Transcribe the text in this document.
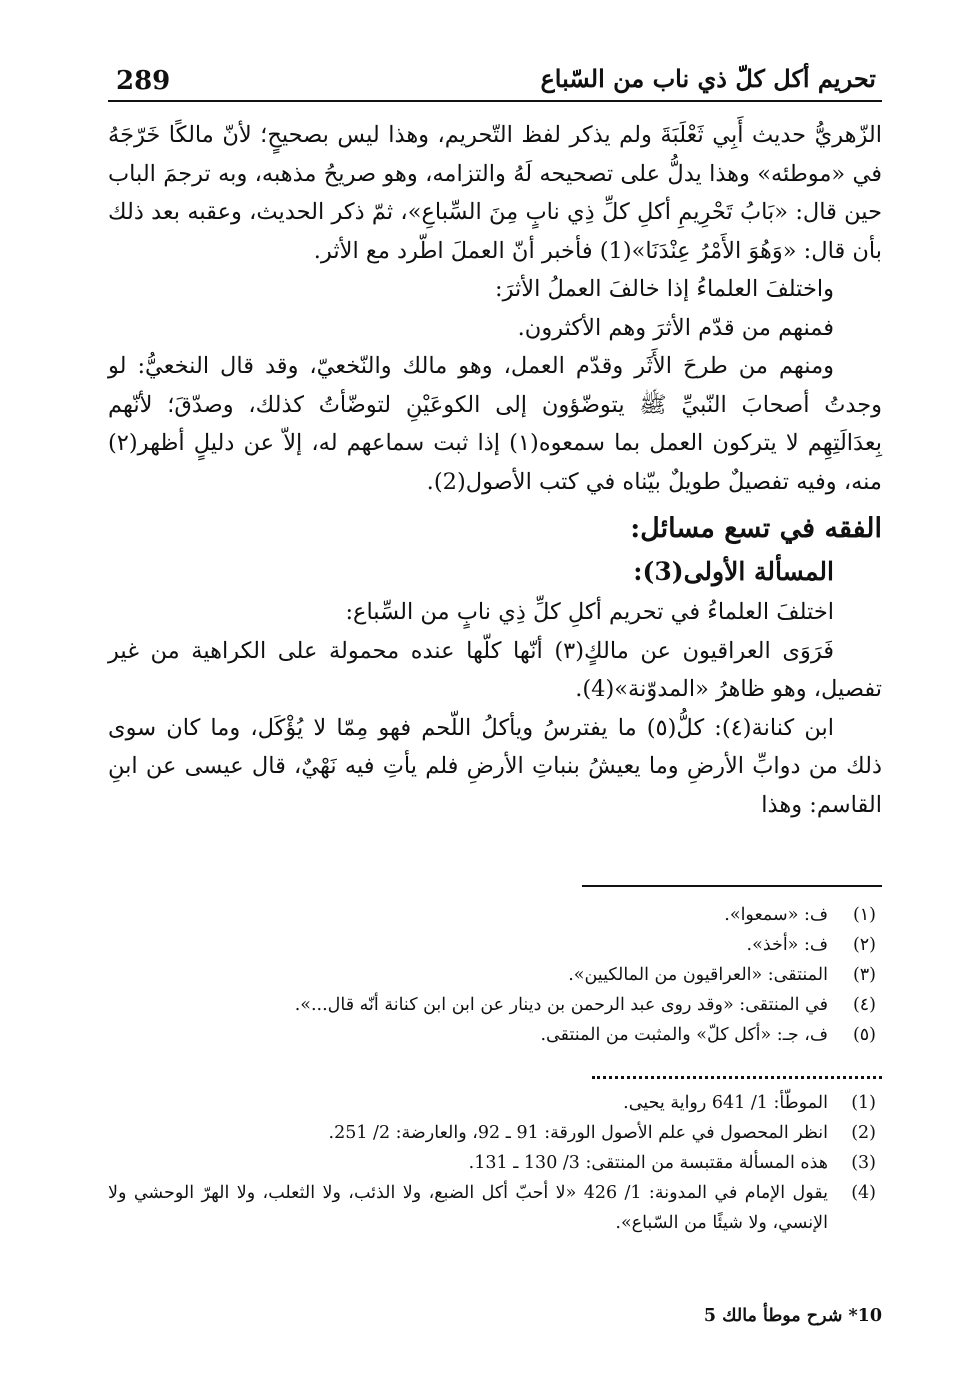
289	تحريم أكل كلّ ذي ناب من السّباع

الزّهريُّ حديث أَبِي ثَعْلَبَةَ ولم يذكر لفظ التّحريم، وهذا ليس بصحيحٍ؛ لأنّ مالكًا خَرّجَهُ في «موطئه» وهذا يدلُّ على تصحيحه لَهُ والتزامه، وهو صريحُ مذهبه، وبه ترجمَ الباب حين قال: «بَابُ تَحْرِيمِ أكلِ كلِّ ذِي نابٍ مِنَ السِّباعِ»، ثمّ ذكر الحديث، وعقبه بعد ذلك بأن قال: «وَهُوَ الأَمْرُ عِنْدَنَا»(1) فأخبر أنّ العملَ اطّرد مع الأثر.

واختلفَ العلماءُ إذا خالفَ العملُ الأثرَ:

فمنهم من قدّم الأثرَ وهم الأكثرون.

ومنهم من طرحَ الأَثَر وقدّم العمل، وهو مالك والنّخعيّ، وقد قال النخعيُّ: لو وجدتُ أصحابَ النّبيِّ ﷺ يتوضّؤون إلى الكوعَيْنِ لتوضّأتُ كذلك، وصدّقَ؛ لأنّهم بِعدَالَتِهِم لا يتركون العمل بما سمعوه(١) إذا ثبت سماعهم له، إلاّ عن دليلٍ أظهر(٢) منه، وفيه تفصيلٌ طويلٌ بيّناه في كتب الأصول(2).

الفقه في تسع مسائل:
المسألة الأولى(3):

اختلفَ العلماءُ في تحريم أكلِ كلِّ ذِي نابٍ من السِّباع:

فَرَوَى العراقيون عن مالكٍ(٣) أنّها كلّها عنده محمولة على الكراهية من غير تفصيل، وهو ظاهرُ «المدوّنة»(4).

ابن كنانة(٤): كلُّ(٥) ما يفترسُ ويأكلُ اللّحم فهو مِمّا لا يُؤْكَل، وما كان سوى ذلك من دوابِّ الأرضِ وما يعيشُ بنباتِ الأرضِ فلم يأتِ فيه نَهْيٌ، قال عيسى عن ابنِ القاسم: وهذا

(١)
ف: «سمعوا».
(٢)
ف: «أخذ».
(٣)
المنتقى: «العراقيون من المالكيين».
(٤)
في المنتقى: «وقد روى عبد الرحمن بن دينار عن ابن ابن كنانة أنّه قال...».
(٥)
ف، جـ: «أكل كلّ» والمثبت من المنتقى.
(1)
الموطّأ: 1/ 641 رواية يحيى.
(2)
انظر المحصول في علم الأصول الورقة: 91 ـ 92، والعارضة: 2/ 251.
(3)
هذه المسألة مقتبسة من المنتقى: 3/ 130 ـ 131.
(4)
يقول الإمام في المدونة: 1/ 426 «لا أحبّ أكل الضبع، ولا الذئب، ولا الثعلب، ولا الهرّ الوحشي ولا الإنسي، ولا شيئًا من السّباع».
10* شرح موطأ مالك 5
